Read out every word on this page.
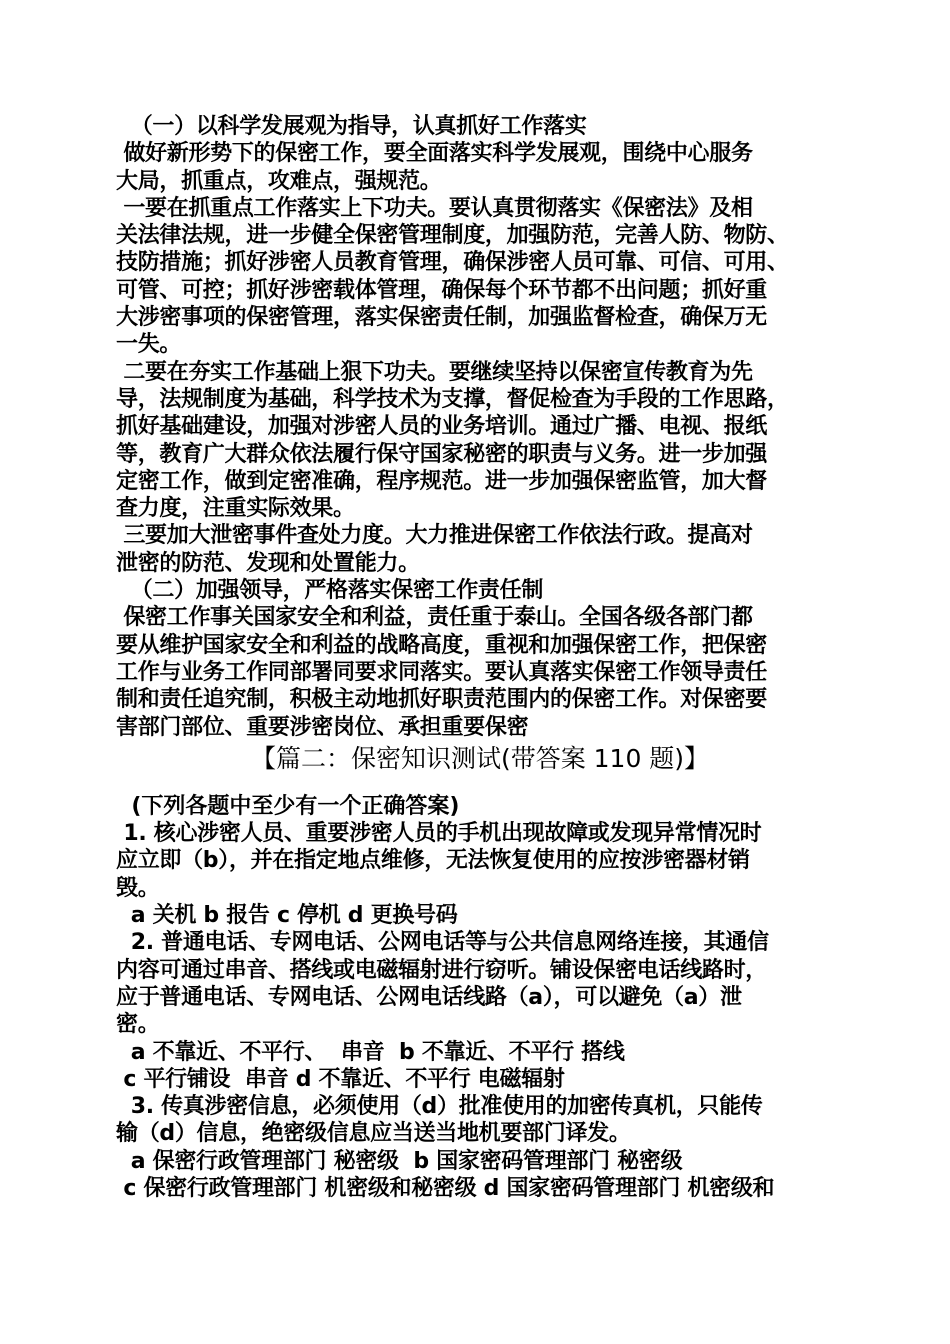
（一）以科学发展观为指导，认真抓好工作落实
做好新形势下的保密工作，要全面落实科学发展观，围绕中心服务
大局，抓重点，攻难点，强规范。
一要在抓重点工作落实上下功夫。要认真贯彻落实《保密法》及相
关法律法规，进一步健全保密管理制度，加强防范，完善人防、物防、
技防措施；抓好涉密人员教育管理，确保涉密人员可靠、可信、可用、
可管、可控；抓好涉密载体管理，确保每个环节都不出问题；抓好重
大涉密事项的保密管理，落实保密责任制，加强监督检查，确保万无
一失。
二要在夯实工作基础上狠下功夫。要继续坚持以保密宣传教育为先
导，法规制度为基础，科学技术为支撑，督促检查为手段的工作思路，
抓好基础建设，加强对涉密人员的业务培训。通过广播、电视、报纸
等，教育广大群众依法履行保守国家秘密的职责与义务。进一步加强
定密工作，做到定密准确，程序规范。进一步加强保密监管，加大督
查力度，注重实际效果。
三要加大泄密事件查处力度。大力推进保密工作依法行政。提高对
泄密的防范、发现和处置能力。
（二）加强领导，严格落实保密工作责任制
保密工作事关国家安全和利益，责任重于泰山。全国各级各部门都
要从维护国家安全和利益的战略高度，重视和加强保密工作，把保密
工作与业务工作同部署同要求同落实。要认真落实保密工作领导责任
制和责任追究制，积极主动地抓好职责范围内的保密工作。对保密要
害部门部位、重要涉密岗位、承担重要保密
【篇二：保密知识测试(带答案 110 题)】
(下列各题中至少有一个正确答案)
1. 核心涉密人员、重要涉密人员的手机出现故障或发现异常情况时
应立即（b），并在指定地点维修，无法恢复使用的应按涉密器材销
毁。
a 关机 b 报告 c 停机 d 更换号码
2. 普通电话、专网电话、公网电话等与公共信息网络连接，其通信
内容可通过串音、搭线或电磁辐射进行窃听。铺设保密电话线路时，
应于普通电话、专网电话、公网电话线路（a），可以避免（a）泄
密。
a 不靠近、不平行、  串音  b 不靠近、不平行 搭线
c 平行铺设  串音 d 不靠近、不平行 电磁辐射
3. 传真涉密信息，必须使用（d）批准使用的加密传真机，只能传
输（d）信息，绝密级信息应当送当地机要部门译发。
a 保密行政管理部门 秘密级  b 国家密码管理部门 秘密级
c 保密行政管理部门 机密级和秘密级 d 国家密码管理部门 机密级和
